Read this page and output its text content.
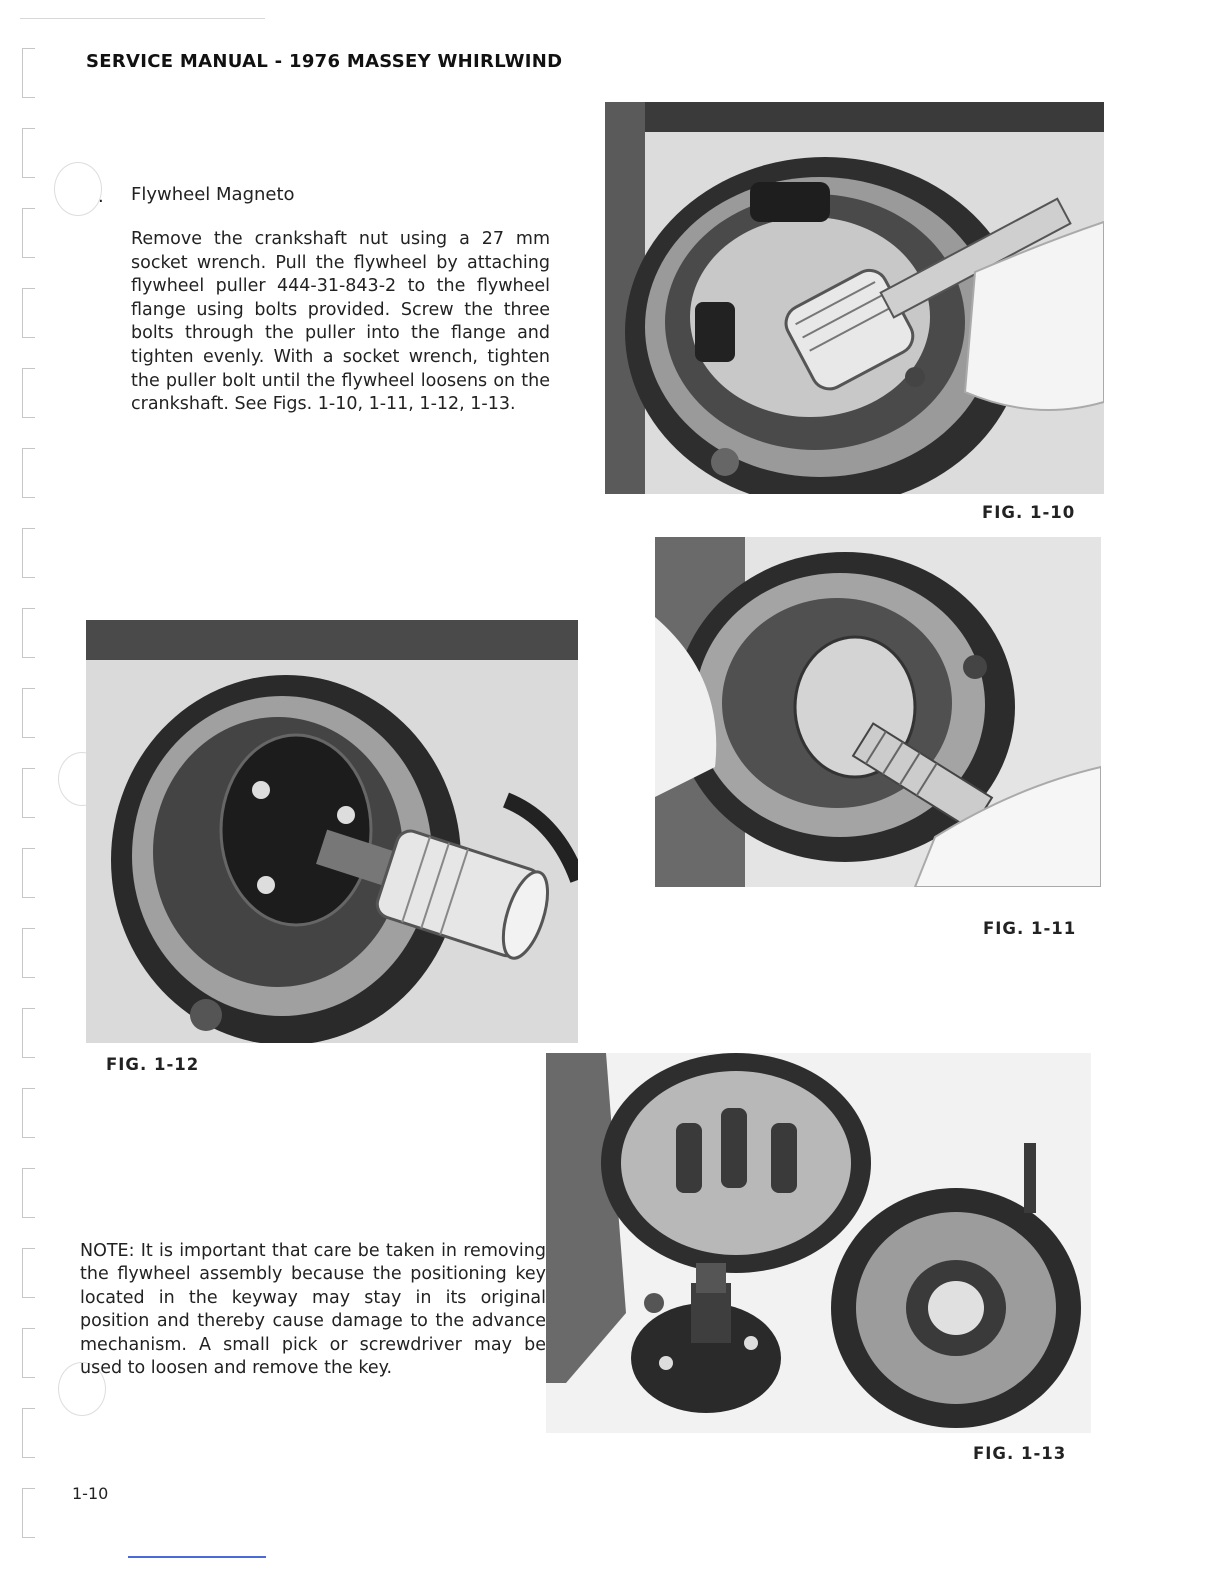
SERVICE MANUAL - 1976 MASSEY WHIRLWIND
. Flywheel Magneto

Remove the crankshaft nut using a 27 mm socket wrench. Pull the flywheel by attaching flywheel puller 444-31-843-2 to the flywheel flange using bolts provided. Screw the three bolts through the puller into the flange and tighten evenly. With a socket wrench, tighten the puller bolt until the flywheel loosens on the crankshaft. See Figs. 1-10, 1-11, 1-12, 1-13.

FIG. 1-10
FIG. 1-11
FIG. 1-12
FIG. 1-13

NOTE: It is important that care be taken in removing the flywheel assembly because the positioning key located in the keyway may stay in its original position and thereby cause damage to the advance mechanism. A small pick or screwdriver may be used to loosen and remove the key.

1-10
